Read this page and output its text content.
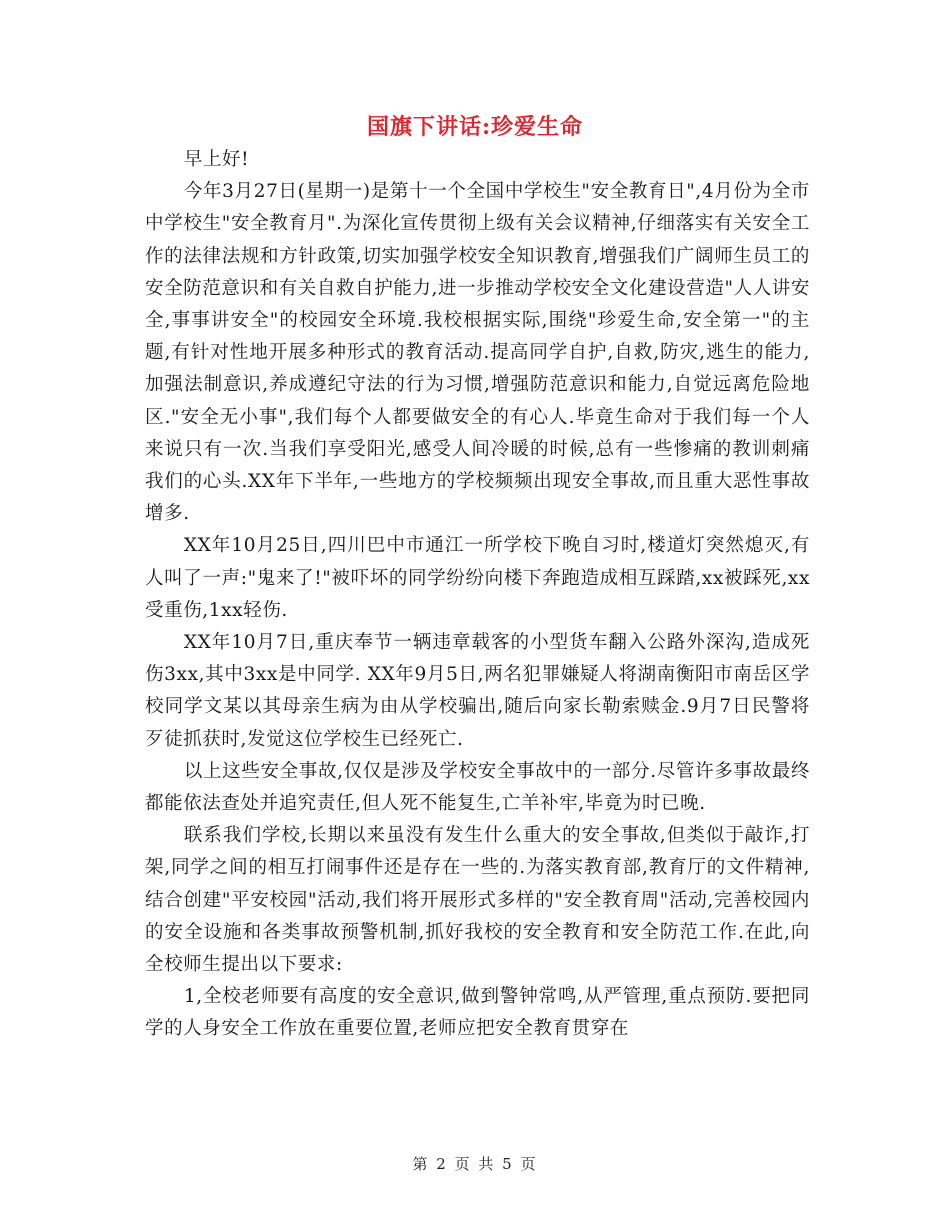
国旗下讲话:珍爱生命

早上好!

今年3月27日(星期一)是第十一个全国中学校生"安全教育日",4月份为全市中学校生"安全教育月".为深化宣传贯彻上级有关会议精神,仔细落实有关安全工作的法律法规和方针政策,切实加强学校安全知识教育,增强我们广阔师生员工的安全防范意识和有关自救自护能力,进一步推动学校安全文化建设营造"人人讲安全,事事讲安全"的校园安全环境.我校根据实际,围绕"珍爱生命,安全第一"的主题,有针对性地开展多种形式的教育活动.提高同学自护,自救,防灾,逃生的能力,加强法制意识,养成遵纪守法的行为习惯,增强防范意识和能力,自觉远离危险地区."安全无小事",我们每个人都要做安全的有心人.毕竟生命对于我们每一个人来说只有一次.当我们享受阳光,感受人间冷暖的时候,总有一些惨痛的教训刺痛我们的心头.XX年下半年,一些地方的学校频频出现安全事故,而且重大恶性事故增多.

XX年10月25日,四川巴中市通江一所学校下晚自习时,楼道灯突然熄灭,有人叫了一声:"鬼来了!"被吓坏的同学纷纷向楼下奔跑造成相互踩踏,xx被踩死,xx受重伤,1xx轻伤.

XX年10月7日,重庆奉节一辆违章载客的小型货车翻入公路外深沟,造成死伤3xx,其中3xx是中同学. XX年9月5日,两名犯罪嫌疑人将湖南衡阳市南岳区学校同学文某以其母亲生病为由从学校骗出,随后向家长勒索赎金.9月7日民警将歹徒抓获时,发觉这位学校生已经死亡.

以上这些安全事故,仅仅是涉及学校安全事故中的一部分.尽管许多事故最终都能依法查处并追究责任,但人死不能复生,亡羊补牢,毕竟为时已晚.

联系我们学校,长期以来虽没有发生什么重大的安全事故,但类似于敲诈,打架,同学之间的相互打闹事件还是存在一些的.为落实教育部,教育厅的文件精神,结合创建"平安校园"活动,我们将开展形式多样的"安全教育周"活动,完善校园内的安全设施和各类事故预警机制,抓好我校的安全教育和安全防范工作.在此,向全校师生提出以下要求:

1,全校老师要有高度的安全意识,做到警钟常鸣,从严管理,重点预防.要把同学的人身安全工作放在重要位置,老师应把安全教育贯穿在

第 2 页 共 5 页
